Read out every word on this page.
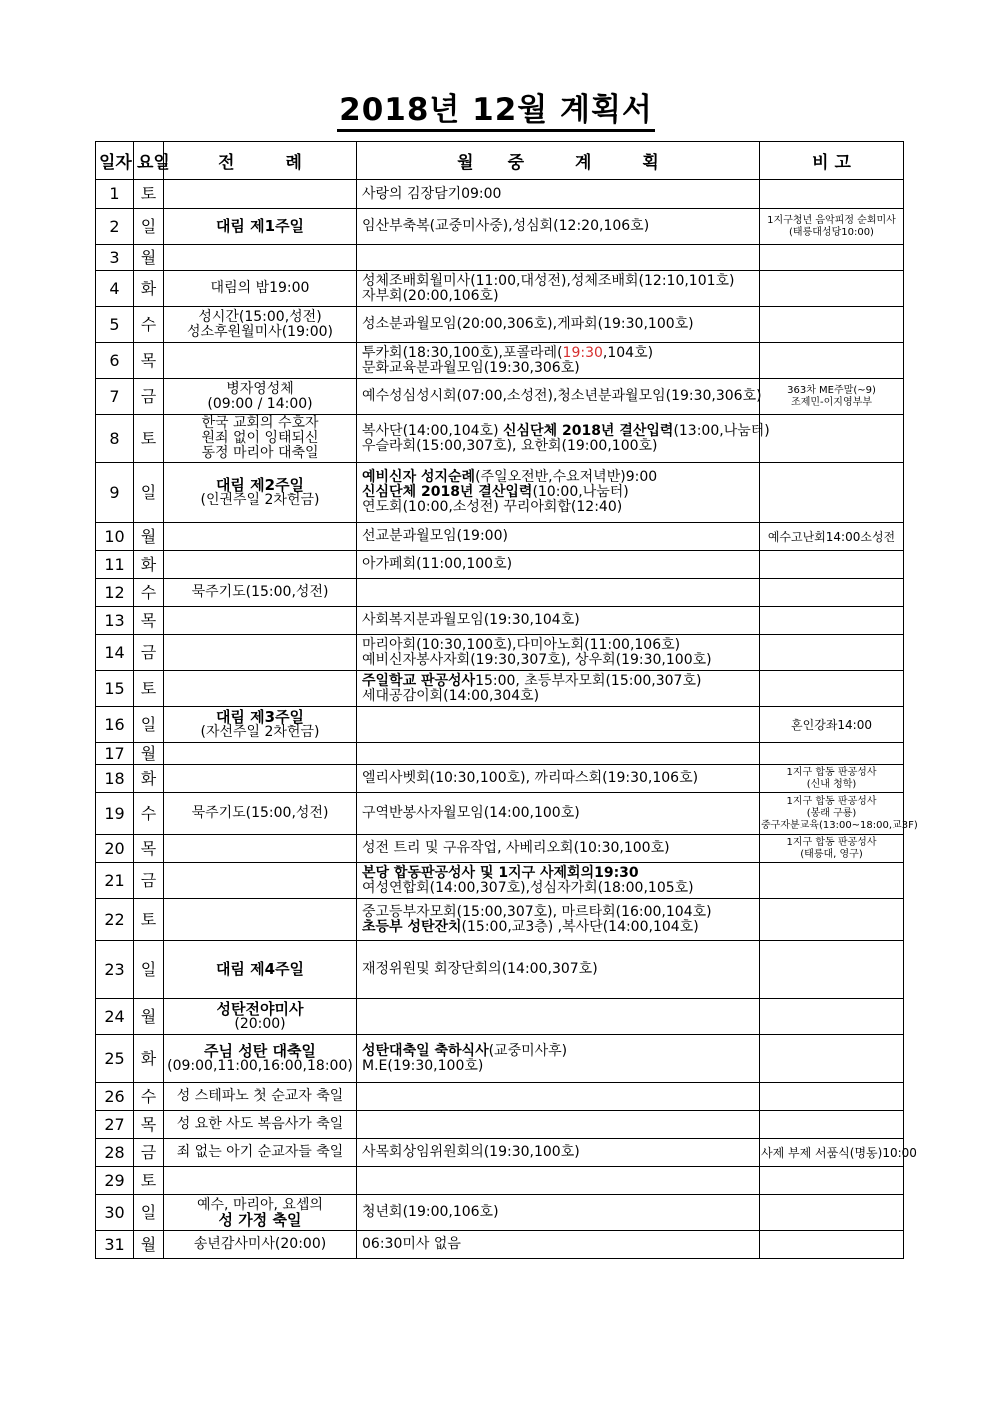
2018년 12월 계획서
일자	요일	전　　　례	월　　중　　　계　　　획	비 고
1	토		사랑의 김장담기09:00	

2	일	대림 제1주일	임산부축복(교중미사중),성심회(12:20,106호)	1지구청년 음악피정 순회미사
(태릉대성당10:00)

3	월			
4	화	대림의 밤19:00	성체조배회월미사(11:00,대성전),성체조배회(12:10,101호)
자부회(20:00,106호)	

5	수	성시간(15:00,성전)
성소후원월미사(19:00)	성소분과월모임(20:00,306호),게파회(19:30,100호)	

6	목		투카회(18:30,100호),포콜라레(19:30,104호)
문화교육분과월모임(19:30,306호)	

7	금	병자영성체
(09:00 / 14:00)	예수성심성시회(07:00,소성전),청소년분과월모임(19:30,306호)	363차 ME주말(~9)
조제민-이지영부부

8	토	한국 교회의 수호자
원죄 없이 잉태되신
동정 마리아 대축일	복사단(14:00,104호) 신심단체 2018년 결산입력(13:00,나눔터)
우슬라회(15:00,307호), 요한회(19:00,100호)	

9	일	대림 제2주일
(인권주일 2차헌금)	예비신자 성지순례(주일오전반,수요저녁반)9:00
신심단체 2018년 결산입력(10:00,나눔터)
연도회(10:00,소성전) 꾸리아회합(12:40)	

10	월		선교분과월모임(19:00)	예수고난회14:00소성전

11	화		아가페회(11:00,100호)	

12	수	묵주기도(15:00,성전)		

13	목		사회복지분과월모임(19:30,104호)	

14	금		마리아회(10:30,100호),다미아노회(11:00,106호)
예비신자봉사자회(19:30,307호), 상우회(19:30,100호)	

15	토		주일학교 판공성사15:00, 초등부자모회(15:00,307호)
세대공감이회(14:00,304호)	

16	일	대림 제3주일
(자선주일 2차헌금)		혼인강좌14:00

17	월			
18	화		엘리사벳회(10:30,100호), 까리따스회(19:30,106호)	1지구 합동 판공성사
(신내 청학)

19	수	묵주기도(15:00,성전)	구역반봉사자월모임(14:00,100호)	1지구 합동 판공성사
(봉래 구룡)
중구자분교육(13:00~18:00,교3F)

20	목		성전 트리 및 구유작업, 사베리오회(10:30,100호)	1지구 합동 판공성사
(태릉대, 영구)

21	금		본당 합동판공성사 및 1지구 사제회의19:30
여성연합회(14:00,307호),성심자가회(18:00,105호)	

22	토		중고등부자모회(15:00,307호), 마르타회(16:00,104호)
초등부 성탄잔치(15:00,교3층) ,복사단(14:00,104호)	

23	일	대림 제4주일	재정위원및 회장단회의(14:00,307호)	

24	월	성탄전야미사
(20:00)		

25	화	주님 성탄 대축일
(09:00,11:00,16:00,18:00)	성탄대축일 축하식사(교중미사후)
M.E(19:30,100호)	

26	수	성 스테파노 첫 순교자 축일		

27	목	성 요한 사도 복음사가 축일		

28	금	죄 없는 아기 순교자들 축일	사목회상임위원회의(19:30,100호)	사제 부제 서품식(명동)10:00

29	토			
30	일	예수, 마리아, 요셉의
성 가정 축일	청년회(19:00,106호)	

31	월	송년감사미사(20:00)	06:30미사 없음	
